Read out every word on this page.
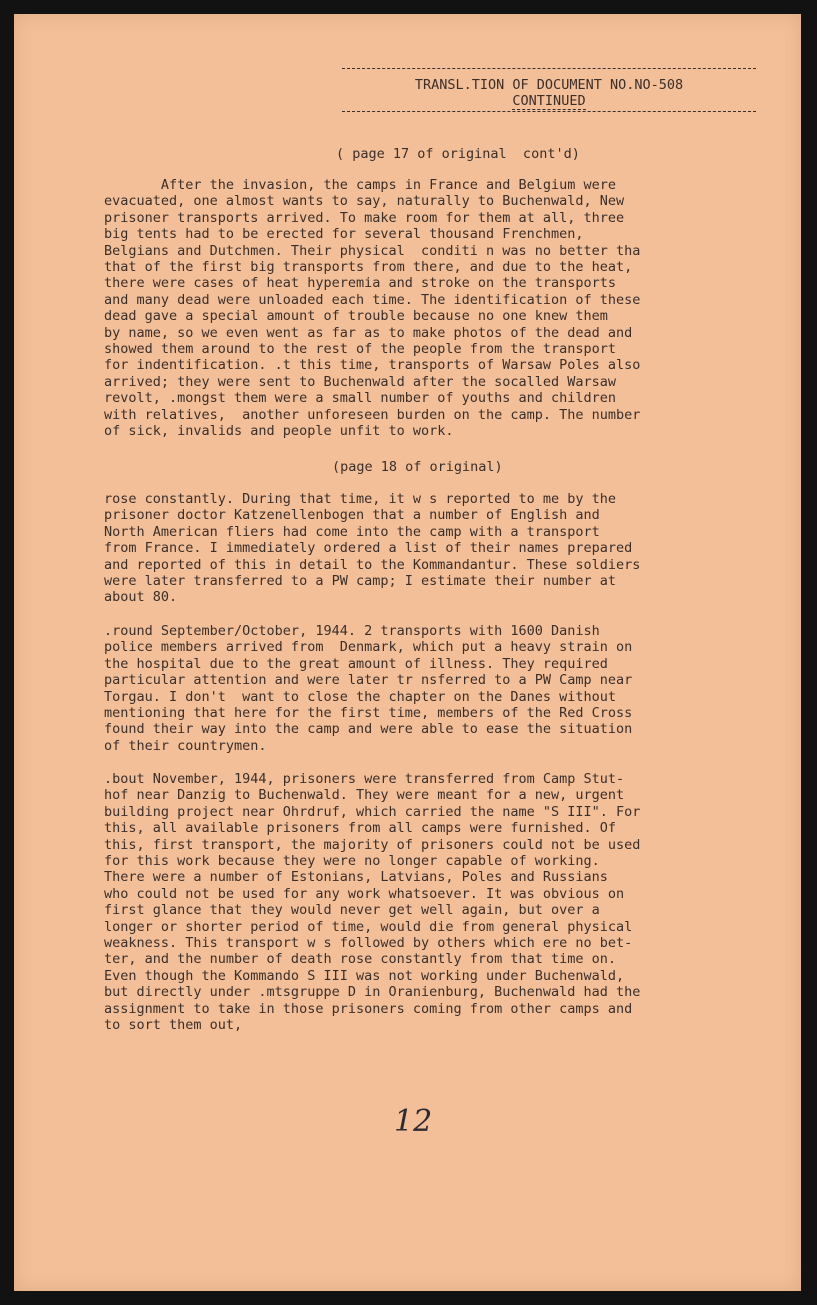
TRANSL.TION OF DOCUMENT NO.NO-508
CONTINUED
( page 17 of original  cont'd)
After the invasion, the camps in France and Belgium were
evacuated, one almost wants to say, naturally to Buchenwald, New
prisoner transports arrived. To make room for them at all, three
big tents had to be erected for several thousand Frenchmen,
Belgians and Dutchmen. Their physical  conditi n was no better tha
that of the first big transports from there, and due to the heat,
there were cases of heat hyperemia and stroke on the transports
and many dead were unloaded each time. The identification of these
dead gave a special amount of trouble because no one knew them
by name, so we even went as far as to make photos of the dead and
showed them around to the rest of the people from the transport
for indentification. .t this time, transports of Warsaw Poles also
arrived; they were sent to Buchenwald after the socalled Warsaw
revolt, .mongst them were a small number of youths and children
with relatives,  another unforeseen burden on the camp. The number
of sick, invalids and people unfit to work.
(page 18 of original)
rose constantly. During that time, it w s reported to me by the
prisoner doctor Katzenellenbogen that a number of English and
North American fliers had come into the camp with a transport
from France. I immediately ordered a list of their names prepared
and reported of this in detail to the Kommandantur. These soldiers
were later transferred to a PW camp; I estimate their number at
about 80.
.round September/October, 1944. 2 transports with 1600 Danish
police members arrived from  Denmark, which put a heavy strain on
the hospital due to the great amount of illness. They required
particular attention and were later tr nsferred to a PW Camp near
Torgau. I don't  want to close the chapter on the Danes without
mentioning that here for the first time, members of the Red Cross
found their way into the camp and were able to ease the situation
of their countrymen.
.bout November, 1944, prisoners were transferred from Camp Stut-
hof near Danzig to Buchenwald. They were meant for a new, urgent
building project near Ohrdruf, which carried the name "S III". For
this, all available prisoners from all camps were furnished. Of
this, first transport, the majority of prisoners could not be used
for this work because they were no longer capable of working.
There were a number of Estonians, Latvians, Poles and Russians
who could not be used for any work whatsoever. It was obvious on
first glance that they would never get well again, but over a
longer or shorter period of time, would die from general physical
weakness. This transport w s followed by others which ere no bet-
ter, and the number of death rose constantly from that time on.
Even though the Kommando S III was not working under Buchenwald,
but directly under .mtsgruppe D in Oranienburg, Buchenwald had the
assignment to take in those prisoners coming from other camps and
to sort them out,
12
